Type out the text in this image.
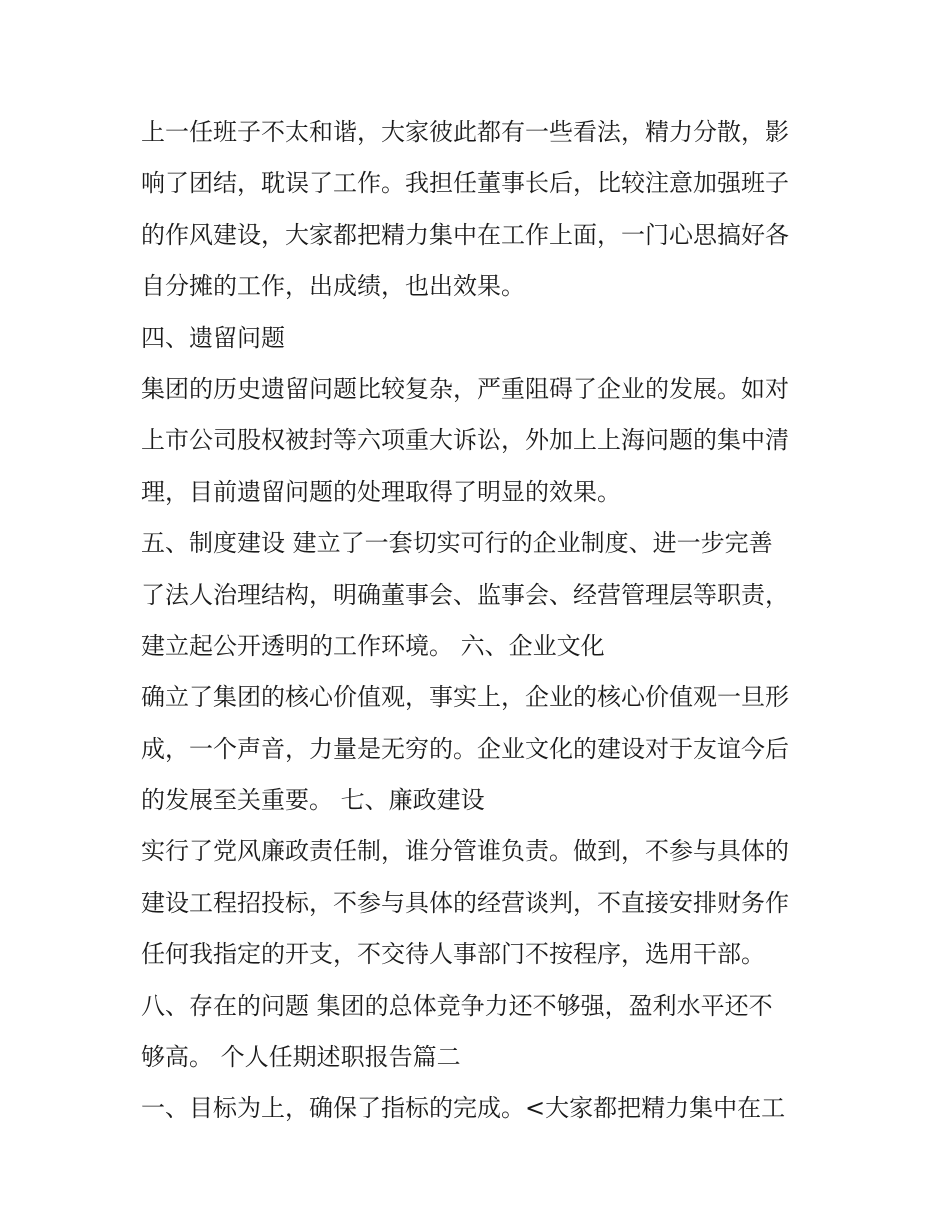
上一任班子不太和谐，大家彼此都有一些看法，精力分散，影
响了团结，耽误了工作。我担任董事长后，比较注意加强班子
的作风建设，大家都把精力集中在工作上面，一门心思搞好各
自分摊的工作，出成绩，也出效果。
四、遗留问题
集团的历史遗留问题比较复杂，严重阻碍了企业的发展。如对
上市公司股权被封等六项重大诉讼，外加上上海问题的集中清
理，目前遗留问题的处理取得了明显的效果。
五、制度建设 建立了一套切实可行的企业制度、进一步完善
了法人治理结构，明确董事会、监事会、经营管理层等职责，
建立起公开透明的工作环境。 六、企业文化
确立了集团的核心价值观，事实上，企业的核心价值观一旦形
成，一个声音，力量是无穷的。企业文化的建设对于友谊今后
的发展至关重要。 七、廉政建设
实行了党风廉政责任制，谁分管谁负责。做到，不参与具体的
建设工程招投标，不参与具体的经营谈判，不直接安排财务作
任何我指定的开支，不交待人事部门不按程序，选用干部。
八、存在的问题 集团的总体竞争力还不够强，盈利水平还不
够高。 个人任期述职报告篇二
一、目标为上，确保了指标的完成。<大家都把精力集中在工
